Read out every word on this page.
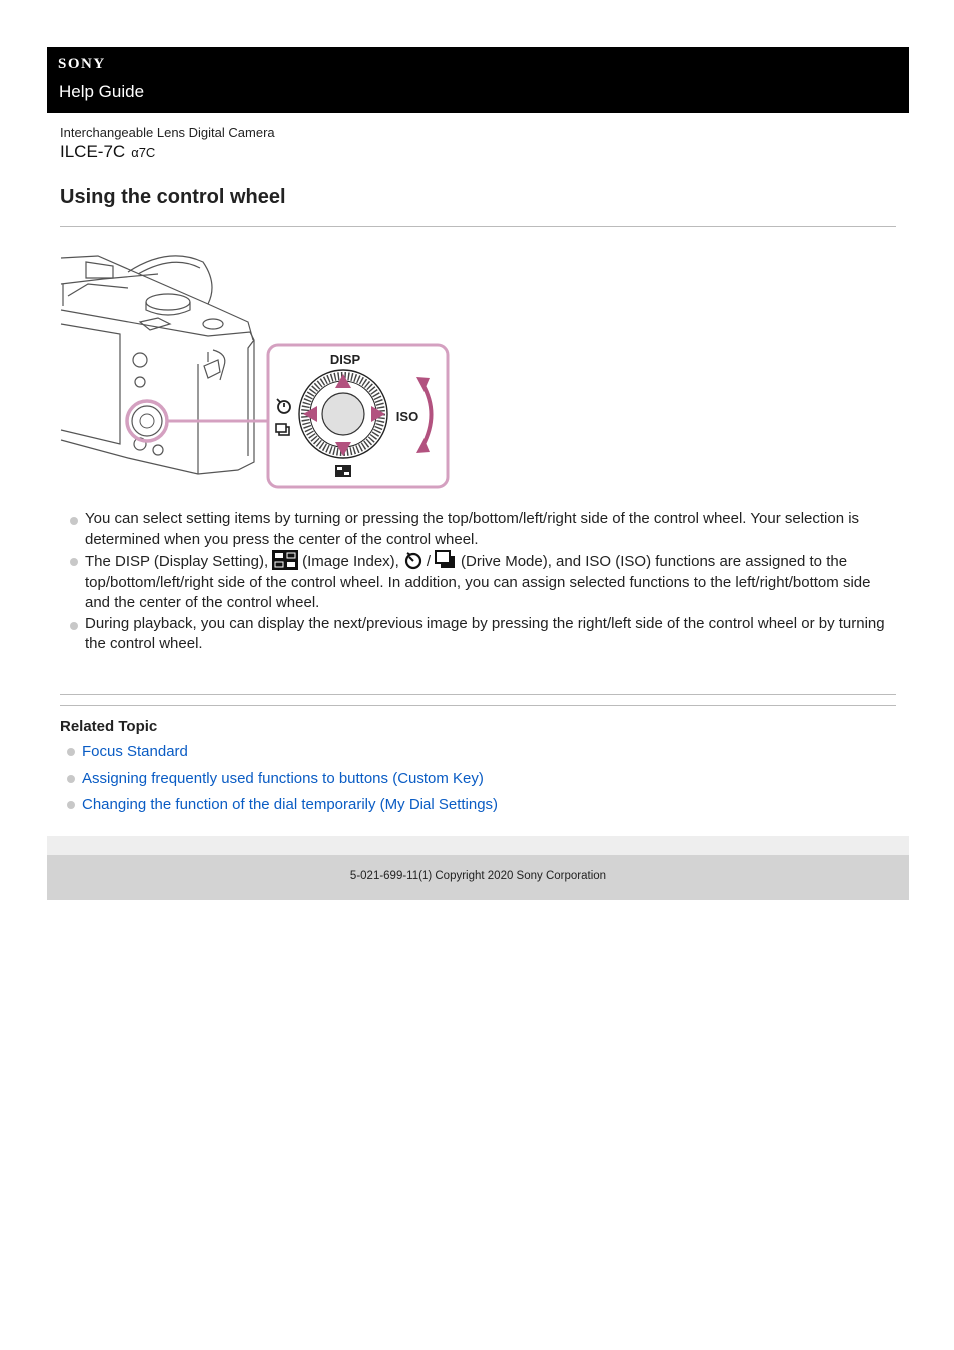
SONY
Help Guide
Interchangeable Lens Digital Camera
ILCE-7C α7C
Using the control wheel
DISP
ISO
You can select setting items by turning or pressing the top/bottom/left/right side of the control wheel. Your selection is determined when you press the center of the control wheel.
The DISP (Display Setting), (Image Index), / (Drive Mode), and ISO (ISO) functions are assigned to the top/bottom/left/right side of the control wheel. In addition, you can assign selected functions to the left/right/bottom side and the center of the control wheel.
During playback, you can display the next/previous image by pressing the right/left side of the control wheel or by turning the control wheel.
Related Topic
Focus Standard
Assigning frequently used functions to buttons (Custom Key)
Changing the function of the dial temporarily (My Dial Settings)
5-021-699-11(1) Copyright 2020 Sony Corporation
